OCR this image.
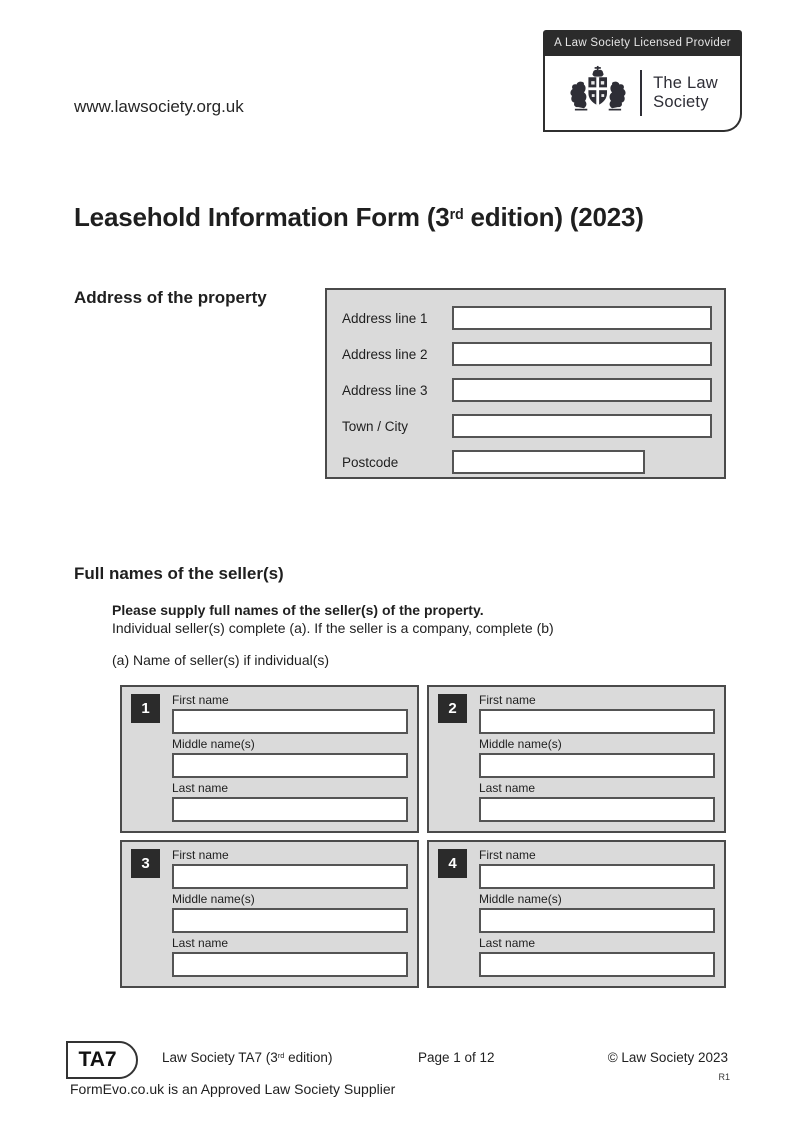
www.lawsociety.org.uk
A Law Society Licensed Provider
The Law
Society
Leasehold Information Form (3rd edition) (2023)
Address of the property
Address line 1
Address line 2
Address line 3
Town / City
Postcode
Full names of the seller(s)

Please supply full names of the seller(s) of the property.

Individual seller(s) complete (a). If the seller is a company, complete (b)

(a) Name of seller(s) if individual(s)

1	First name
Middle name(s)
Last name
2	First name
Middle name(s)
Last name
3	First name
Middle name(s)
Last name
4	First name
Middle name(s)
Last name
TA7	Law Society TA7 (3rd edition)	Page 1 of 12	© Law Society 2023
R1
FormEvo.co.uk is an Approved Law Society Supplier
